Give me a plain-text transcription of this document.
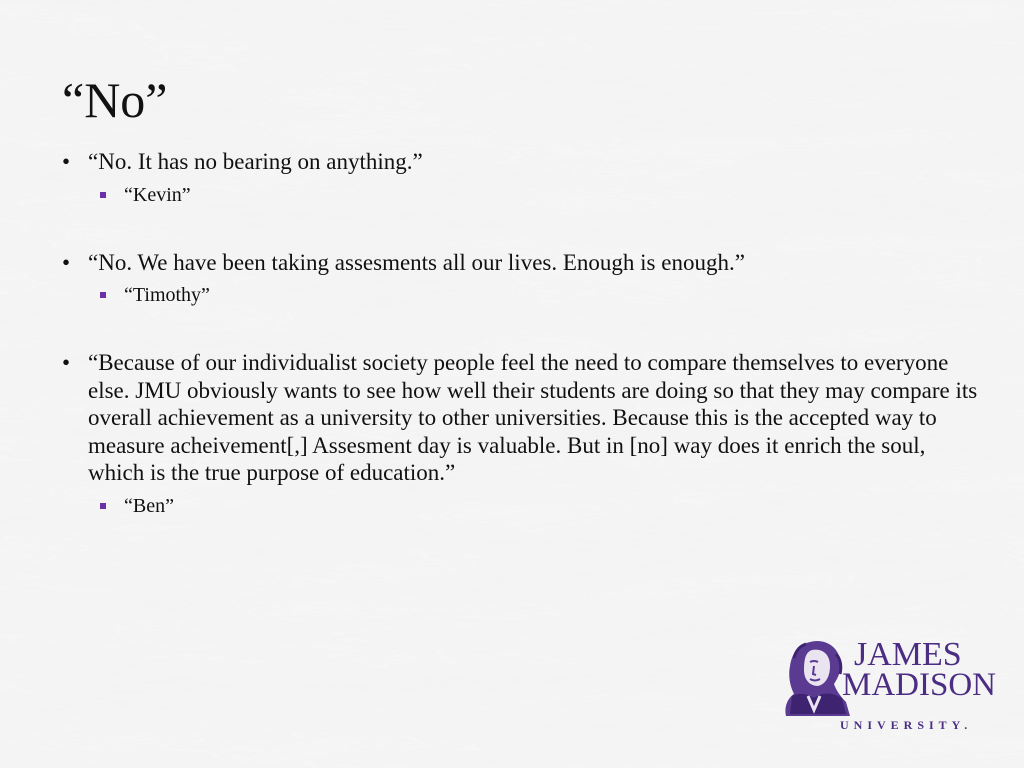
“No”
• “No. It has no bearing on anything.”
“Kevin”
• “No. We have been taking assesments all our lives. Enough is enough.”
“Timothy”
• “Because of our individualist society people feel the need to compare themselves to everyone else. JMU obviously wants to see how well their students are doing so that they may compare its overall achievement as a university to other universities. Because this is the accepted way to measure acheivement[,] Assesment day is valuable. But in [no] way does it enrich the soul, which is the true purpose of education.”
“Ben”
JAMES
MADISON
UNIVERSITY.
